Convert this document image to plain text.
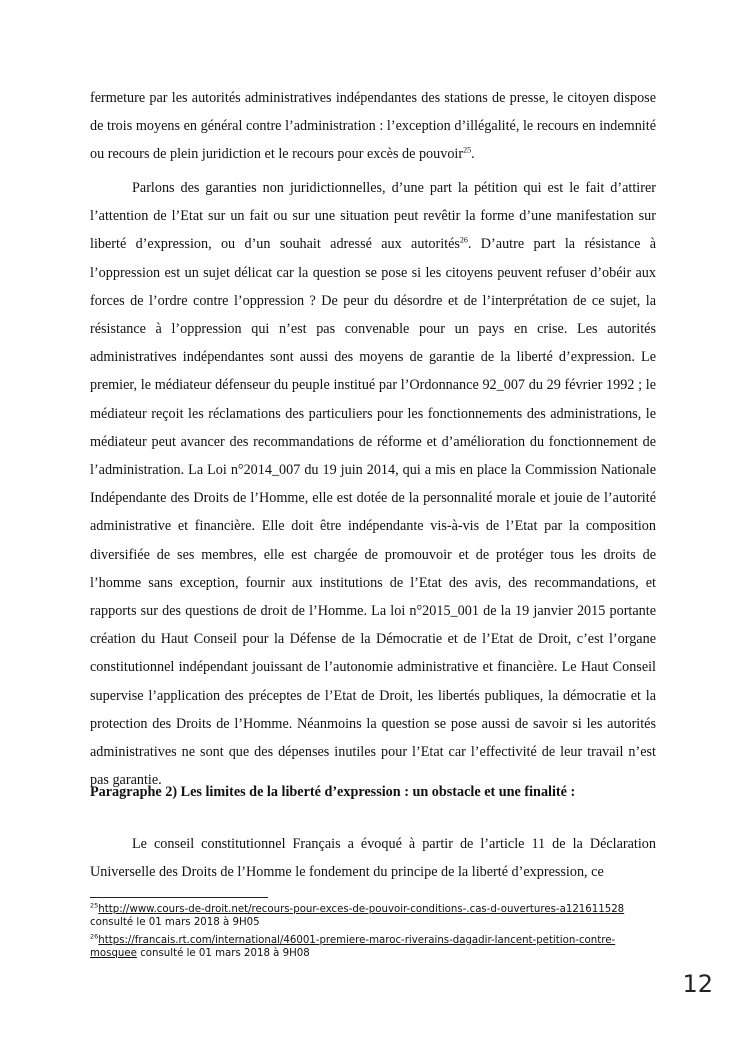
fermeture par les autorités administratives indépendantes des stations de presse, le citoyen dispose de trois moyens en général contre l’administration : l’exception d’illégalité, le recours en indemnité ou recours de plein juridiction et le recours pour excès de pouvoir$^{25}$.

Parlons des garanties non juridictionnelles, d’une part la pétition qui est le fait d’attirer l’attention de l’Etat sur un fait ou sur une situation peut revêtir la forme d’une manifestation sur liberté d’expression, ou d’un souhait adressé aux autorités$^{26}$. D’autre part la résistance à l’oppression est un sujet délicat car la question se pose si les citoyens peuvent refuser d’obéir aux forces de l’ordre contre l’oppression ? De peur du désordre et de l’interprétation de ce sujet, la résistance à l’oppression qui n’est pas convenable pour un pays en crise. Les autorités administratives indépendantes sont aussi des moyens de garantie de la liberté d’expression. Le premier, le médiateur défenseur du peuple institué par l’Ordonnance 92_007 du 29 février 1992 ; le médiateur reçoit les réclamations des particuliers pour les fonctionnements des administrations, le médiateur peut avancer des recommandations de réforme et d’amélioration du fonctionnement de l’administration. La Loi n°2014_007 du 19 juin 2014, qui a mis en place la Commission Nationale Indépendante des Droits de l’Homme, elle est dotée de la personnalité morale et jouie de l’autorité administrative et financière. Elle doit être indépendante vis-à-vis de l’Etat par la composition diversifiée de ses membres, elle est chargée de promouvoir et de protéger tous les droits de l’homme sans exception, fournir aux institutions de l’Etat des avis, des recommandations, et rapports sur des questions de droit de l’Homme. La loi n°2015_001 de la 19 janvier 2015 portante création du Haut Conseil pour la Défense de la Démocratie et de l’Etat de Droit, c’est l’organe constitutionnel indépendant jouissant de l’autonomie administrative et financière. Le Haut Conseil supervise l’application des préceptes de l’Etat de Droit, les libertés publiques, la démocratie et la protection des Droits de l’Homme. Néanmoins la question se pose aussi de savoir si les autorités administratives ne sont que des dépenses inutiles pour l’Etat car l’effectivité de leur travail n’est pas garantie.

Paragraphe 2) Les limites de la liberté d’expression : un obstacle et une finalité :

Le conseil constitutionnel Français a évoqué à partir de l’article 11 de la Déclaration Universelle des Droits de l’Homme le fondement du principe de la liberté d’expression, ce

$^{25}$http://www.cours-de-droit.net/recours-pour-exces-de-pouvoir-conditions-.cas-d-ouvertures-a121611528
consulté le 01 mars 2018 à 9H05

$^{26}$https://francais.rt.com/international/46001-premiere-maroc-riverains-dagadir-lancent-petition-contre-mosquee consulté le 01 mars 2018 à 9H08

12
